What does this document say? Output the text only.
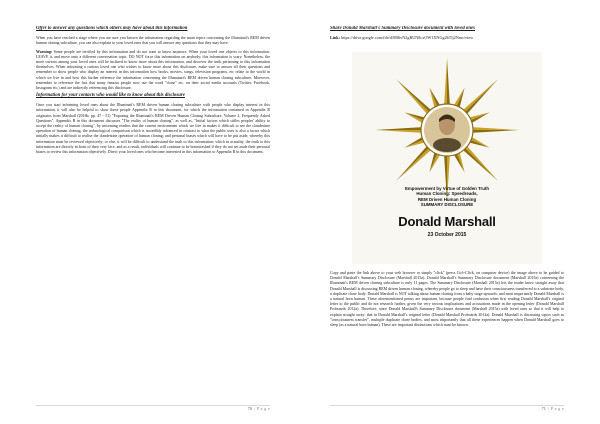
Offer to answer any questions which others may have about this information

When you have reached a stage where you are sure you known the information regarding the main topics concerning the Illuminati's REM driven human cloning subculture, you can also explain to your loved ones that you will answer any questions that they may have.

Warning: Some people are terrified by this information and do not want to know anymore. When your loved one objects to this information: LEAVE it, and move onto a different conversation topic. DO NOT force this information on anybody; this information is scary. Nonetheless, the more curious among your loved ones will be inclined to know more about this information, and discover the truth pertaining to this information themselves. When informing a curious loved one who wishes to know more about this disclosure, make sure to answer all their questions and remember to show people who display an interest in this information how books, movies, songs, television programs, etc relate to the world in which we live in and how this further reference the information concerning the Illuminati's REM driven human cloning subculture. Moreover, remember to reference the fact that many famous people now use the word "clone" etc. on their social media accounts (Twitter, Facebook, Instagram etc.) and are indirectly referencing this disclosure.

Information for your contacts who would like to know about this disclosure

Once you start informing loved ones about the Illuminati's REM driven human cloning subculture with people who display interest in this information, it will also be helpful to show these people Appendix B in this document, for which the information contained in Appendix B originates from Marshall (2016b, pp. 47 - 51) "Exposing the Illuminati's REM Driven Human Cloning Subculture, Volume 2, Frequently Asked Questions". Appendix B in this document discusses "The reality of human cloning", as well as, "Initial factors which stifles peoples' ability to accept the reality of human cloning", by informing readers that the current environment which we live in makes it difficult to see the clandestine operation of human cloning; the technological comparison which is incredibly advanced in contrast to what the public uses is also a factor which initially makes it difficult to realise the clandestine operation of human cloning; and personal biases which will have to be put aside, whereby this information must be reviewed objectively; or else, it will be difficult to understand the truth to this information; which in actuality, the truth to this information are directly in front of their very face, and as a result, individuals will continue to be brainwashed if they do not set aside their personal biases to review this information objectively. Direct your loved ones who become interested in this information to Appendix B in this document.

70 | P a g e
Share Donald Marshall's Summary Disclosure document with loved ones
Link: https://drive.google.com/file/d/0B6vN2gRUN8cxOW1XNGg2bTlj2Nmc/view
Empowerment by Virtue of Golden Truth
Human Cloning: Speedreads,
REM Driven Human Cloning
SUMMARY DISCLOSURE
Donald Marshall
23 October 2015

Copy and paste the link above to your web browser or simply "click" (press Ctrl+Click, on computer device) the image above to be guided to Donald Marshall's Summary Disclosure (Marshall 2015a). Donald Marshall's Summary Disclosure document (Marshall 2015a) concerning the Illuminati's REM driven cloning subculture is only 11 pages. The Summary Disclosure (Marshall 2015a) lets the reader know straight away that Donald Marshall is discussing REM driven human cloning, whereby people go to sleep and have their consciousness transferred to a substrate body, a duplicate clone body. Donald Marshall is NOT talking about human cloning from a baby stage upwards, and most importantly Donald Marshall is a natural born human. These aforementioned points are important, because people find confusion when first reading Donald Marshall's original letter to the public and do not research further, given the very serious implications and accusations made in the opening letter (Donald Marshall Proboards 2012a). Therefore, since Donald Marshall's Summary Disclosure document (Marshall 2015a) with loved ones so that it will help to explain straight away: that in Donald Marshall's original letter (Donald Marshall Proboards 2012a). Donald Marshall is discussing topics such as "consciousness transfer", multiple duplicate clone bodies, and most importantly that all these experiences happen when Donald Marshall goes to sleep (as a natural born human). These are important distinctions which must be known.

71 | P a g e
